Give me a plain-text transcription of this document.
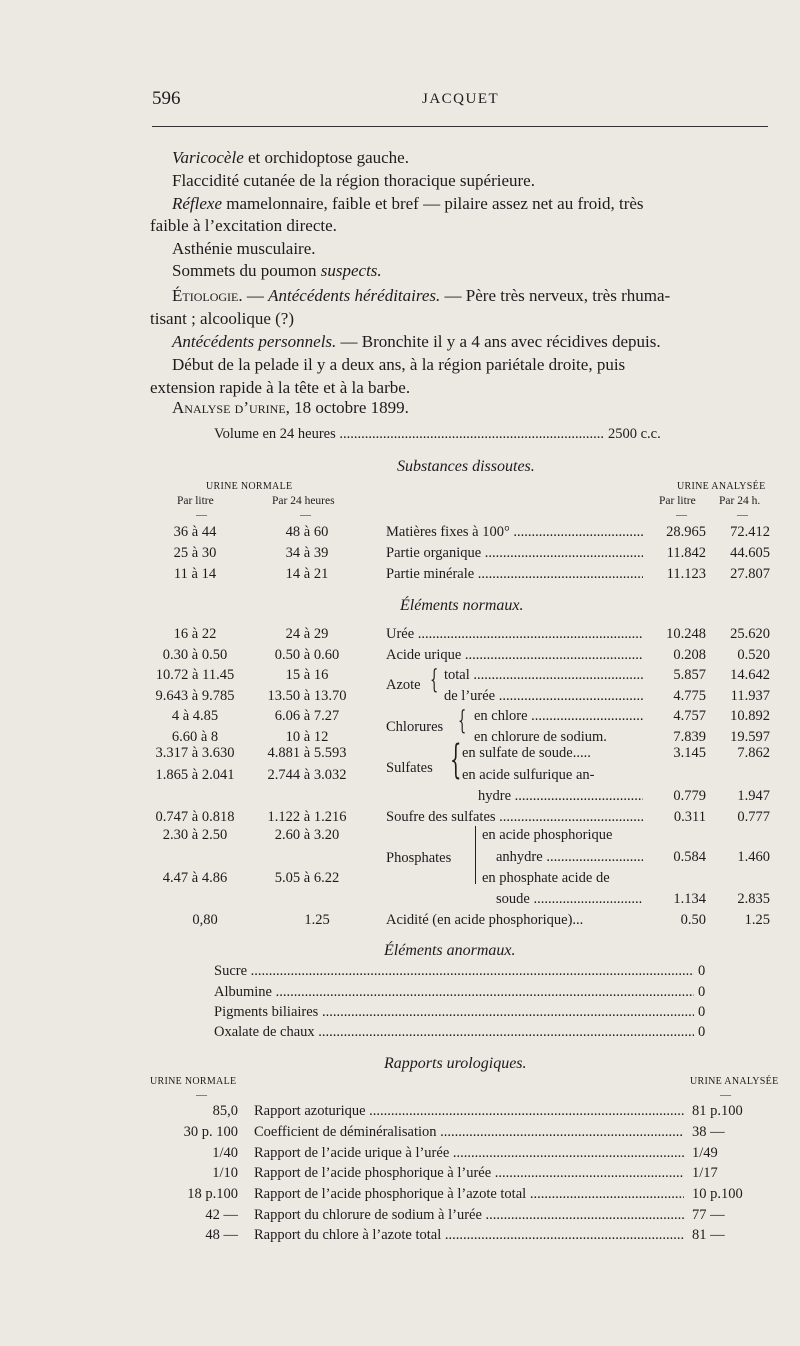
596	JACQUET
Varicocèle et orchidoptose gauche.
Flaccidité cutanée de la région thoracique supérieure.
Réflexe mamelonnaire, faible et bref — pilaire assez net au froid, très
faible à l’excitation directe.
Asthénie musculaire.
Sommets du poumon suspects.
Étiologie. — Antécédents héréditaires. — Père très nerveux, très rhuma-
tisant ; alcoolique (?)
Antécédents personnels. — Bronchite il y a 4 ans avec récidives depuis.
Début de la pelade il y a deux ans, à la région pariétale droite, puis
extension rapide à la tête et à la barbe.
Analyse d’urine, 18 octobre 1899.
Volume en 24 heures .....	2500 c.c.
Substances dissoutes.
URINE NORMALE	URINE ANALYSÉE
Par litre	Par 24 heures	Par litre Par 24 h.
—	—	—	—
36 à 44	48 à 60	Matières fixes à 100° .....	28.965	72.412
25 à 30	34 à 39	Partie organique .....	11.842	44.605
11 à 14	14 à 21	Partie minérale .....	11.123	27.807
Éléments normaux.
16 à 22	24 à 29	Urée .....	10.248	25.620
0.30 à 0.50	0.50 à 0.60	Acide urique .....	0.208	0.520
Azote {
10.72 à 11.45	15 à 16	total .....	5.857	14.642
9.643 à 9.785	13.50 à 13.70	de l’urée .....	4.775	11.937
Chlorures {
4 à 4.85	6.06 à 7.27	en chlore .....	4.757	10.892
6.60 à 8	10 à 12	en chlorure de sodium.	7.839	19.597
Sulfates {
3.317 à 3.630	4.881 à 5.593	en sulfate de soude.....	3.145	7.862
1.865 à 2.041	2.744 à 3.032	en acide sulfurique an-
hydre .....	0.779	1.947
0.747 à 0.818	1.122 à 1.216	Soufre des sulfates .....	0.311	0.777
Phosphates
2.30 à 2.50	2.60 à 3.20	en acide phosphorique
anhydre .....	0.584	1.460
4.47 à 4.86	5.05 à 6.22	en phosphate acide de
soude .....	1.134	2.835
0,80	1.25	Acidité (en acide phosphorique)...	0.50	1.25
Éléments anormaux.
Sucre .....	0
Albumine .....	0
Pigments biliaires .....	0
Oxalate de chaux .....	0
Rapports urologiques.
URINE NORMALE	URINE ANALYSÉE
—	—
85,0 Rapport azoturique .....	81 p.100
30 p. 100 Coefficient de déminéralisation .....	38 —
1/40 Rapport de l’acide urique à l’urée .....	1/49
1/10 Rapport de l’acide phosphorique à l’urée .....	1/17
18 p.100 Rapport de l’acide phosphorique à l’azote total .....	10 p.100
42 — Rapport du chlorure de sodium à l’urée .....	77 —
48 — Rapport du chlore à l’azote total .....	81 —
